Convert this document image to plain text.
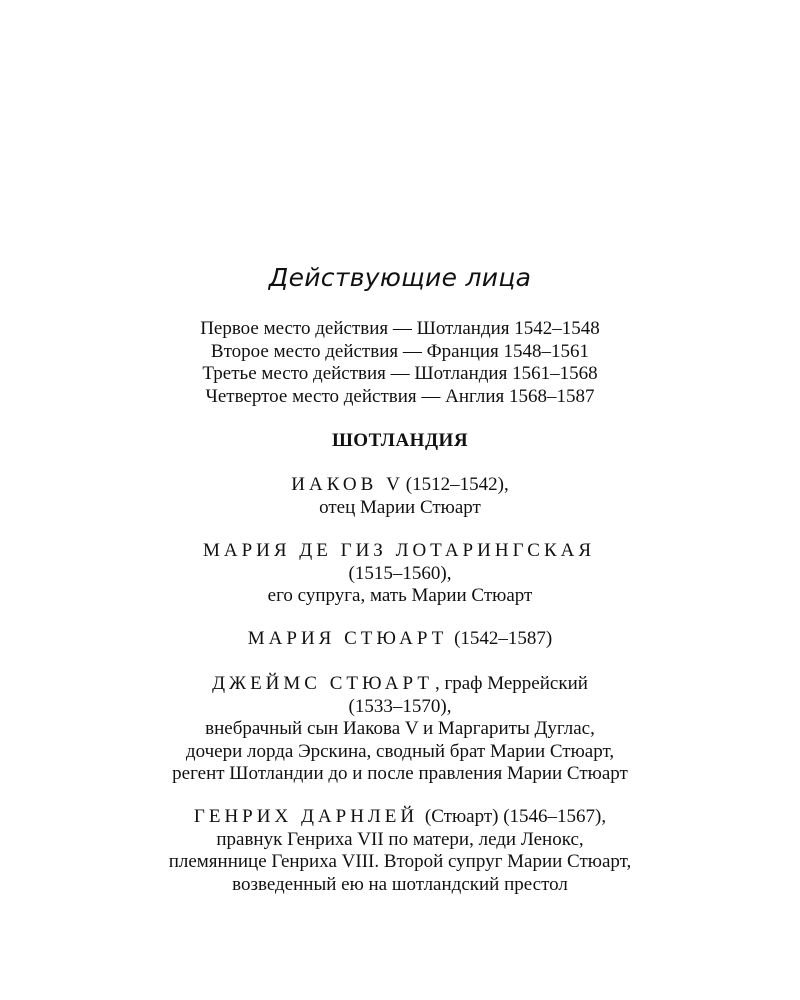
Действующие лица
Первое место действия — Шотландия 1542–1548
Второе место действия — Франция 1548–1561
Третье место действия — Шотландия 1561–1568
Четвертое место действия — Англия 1568–1587
ШОТЛАНДИЯ
ИАКОВ V (1512–1542),
отец Марии Стюарт
МАРИЯ ДЕ ГИЗ ЛОТАРИНГСКАЯ
(1515–1560),
его супруга, мать Марии Стюарт
МАРИЯ СТЮАРТ (1542–1587)
ДЖЕЙМС СТЮАРТ , граф Меррейский
(1533–1570),
внебрачный сын Иакова V и Маргариты Дуглас,
дочери лорда Эрскина, сводный брат Марии Стюарт,
регент Шотландии до и после правления Марии Стюарт
ГЕНРИХ ДАРНЛЕЙ (Стюарт) (1546–1567),
правнук Генриха VII по матери, леди Ленокс,
племяннице Генриха VIII. Второй супруг Марии Стюарт,
возведенный ею на шотландский престол
